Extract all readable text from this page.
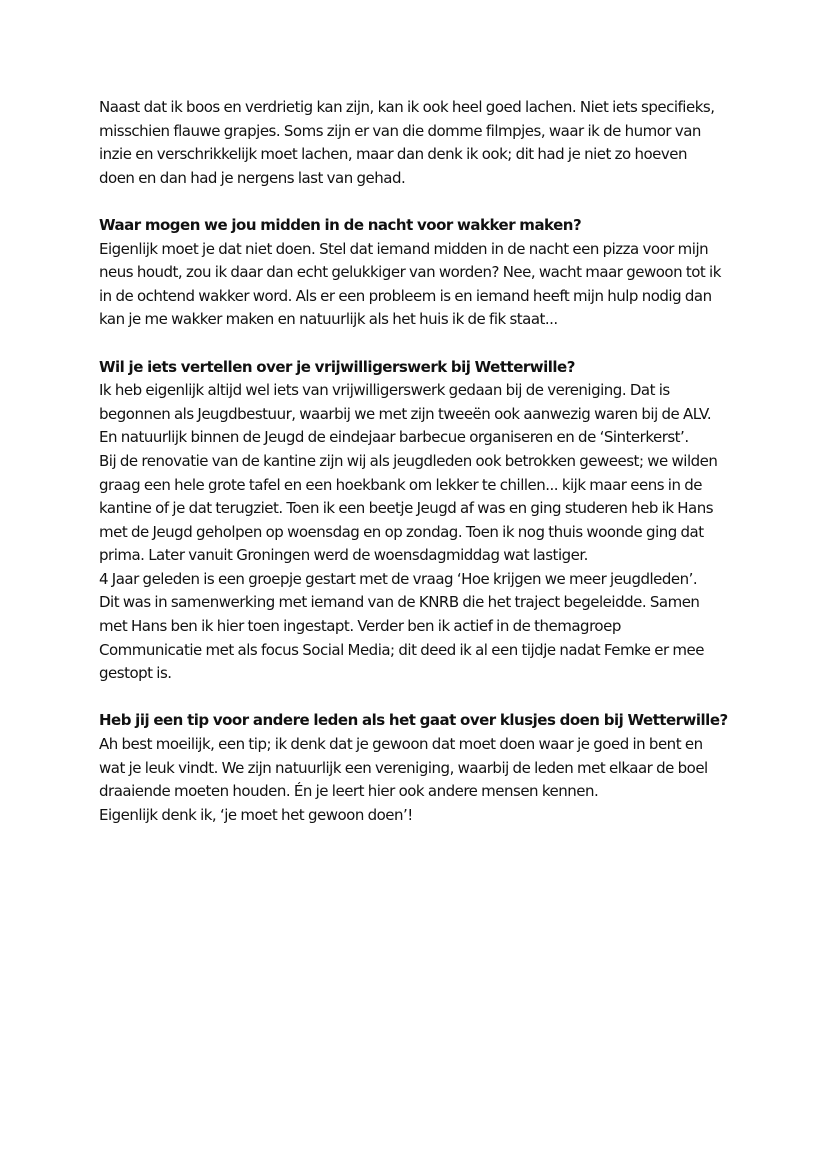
Naast dat ik boos en verdrietig kan zijn, kan ik ook heel goed lachen. Niet iets specifieks,
misschien flauwe grapjes. Soms zijn er van die domme filmpjes, waar ik de humor van
inzie en verschrikkelijk moet lachen, maar dan denk ik ook; dit had je niet zo hoeven
doen en dan had je nergens last van gehad.
Waar mogen we jou midden in de nacht voor wakker maken?
Eigenlijk moet je dat niet doen. Stel dat iemand midden in de nacht een pizza voor mijn
neus houdt, zou ik daar dan echt gelukkiger van worden? Nee, wacht maar gewoon tot ik
in de ochtend wakker word. Als er een probleem is en iemand heeft mijn hulp nodig dan
kan je me wakker maken en natuurlijk als het huis ik de fik staat...
Wil je iets vertellen over je vrijwilligerswerk bij Wetterwille?
Ik heb eigenlijk altijd wel iets van vrijwilligerswerk gedaan bij de vereniging. Dat is
begonnen als Jeugdbestuur, waarbij we met zijn tweeën ook aanwezig waren bij de ALV.
En natuurlijk binnen de Jeugd de eindejaar barbecue organiseren en de ‘Sinterkerst’.
Bij de renovatie van de kantine zijn wij als jeugdleden ook betrokken geweest; we wilden
graag een hele grote tafel en een hoekbank om lekker te chillen... kijk maar eens in de
kantine of je dat terugziet. Toen ik een beetje Jeugd af was en ging studeren heb ik Hans
met de Jeugd geholpen op woensdag en op zondag. Toen ik nog thuis woonde ging dat
prima. Later vanuit Groningen werd de woensdagmiddag wat lastiger.
4 Jaar geleden is een groepje gestart met de vraag ‘Hoe krijgen we meer jeugdleden’.
Dit was in samenwerking met iemand van de KNRB die het traject begeleidde. Samen
met Hans ben ik hier toen ingestapt. Verder ben ik actief in de themagroep
Communicatie met als focus Social Media; dit deed ik al een tijdje nadat Femke er mee
gestopt is.
Heb jij een tip voor andere leden als het gaat over klusjes doen bij Wetterwille?
Ah best moeilijk, een tip; ik denk dat je gewoon dat moet doen waar je goed in bent en
wat je leuk vindt. We zijn natuurlijk een vereniging, waarbij de leden met elkaar de boel
draaiende moeten houden. Én je leert hier ook andere mensen kennen.
Eigenlijk denk ik, ‘je moet het gewoon doen’!
